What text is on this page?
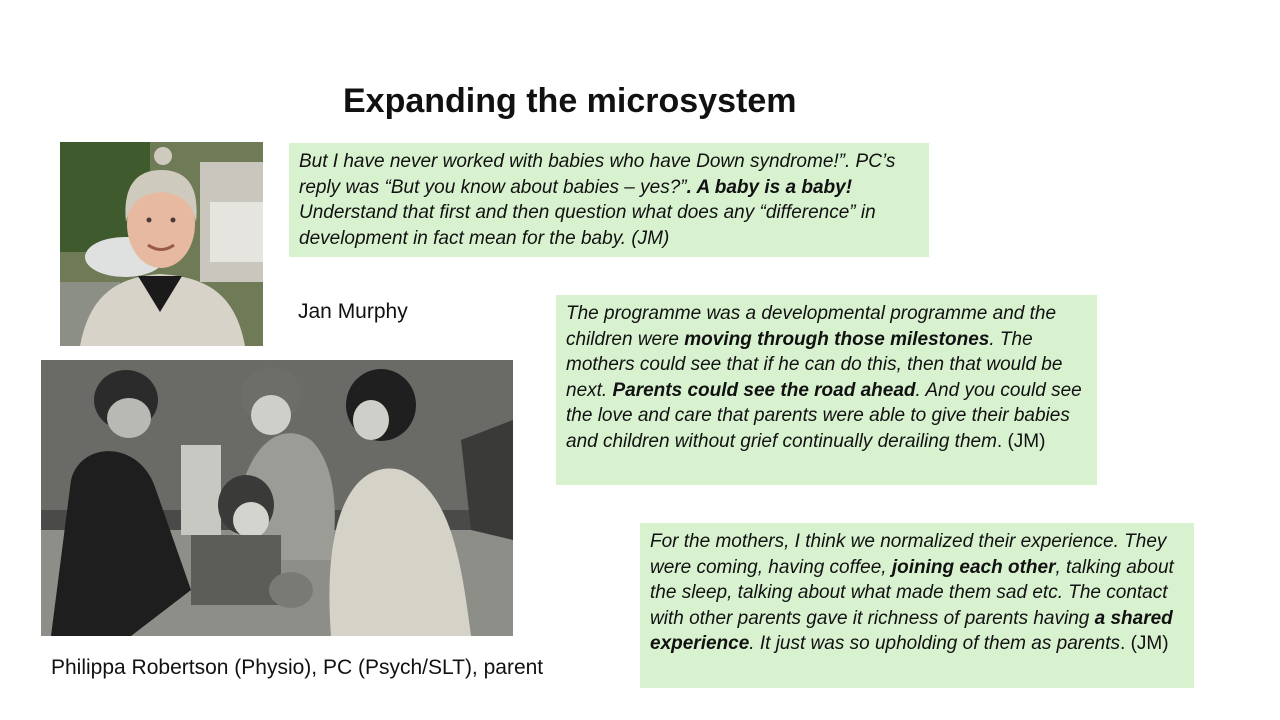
Expanding the microsystem
Jan Murphy
But I have never worked with babies who have Down syndrome!”. PC’s reply was “But you know about babies – yes?”. A baby is a baby! Understand that first and then question what does any “difference” in development in fact mean for the baby. (JM)
The programme was a developmental programme and the children were moving through those milestones. The mothers could see that if he can do this, then that would be next. Parents could see the road ahead. And you could see the love and care that parents were able to give their babies and children without grief continually derailing them. (JM)
Philippa Robertson (Physio), PC (Psych/SLT), parent
For the mothers, I think we normalized their experience. They were coming, having coffee, joining each other, talking about the sleep, talking about what made them sad etc. The contact with other parents gave it richness of parents having a shared experience. It just was so upholding of them as parents. (JM)
